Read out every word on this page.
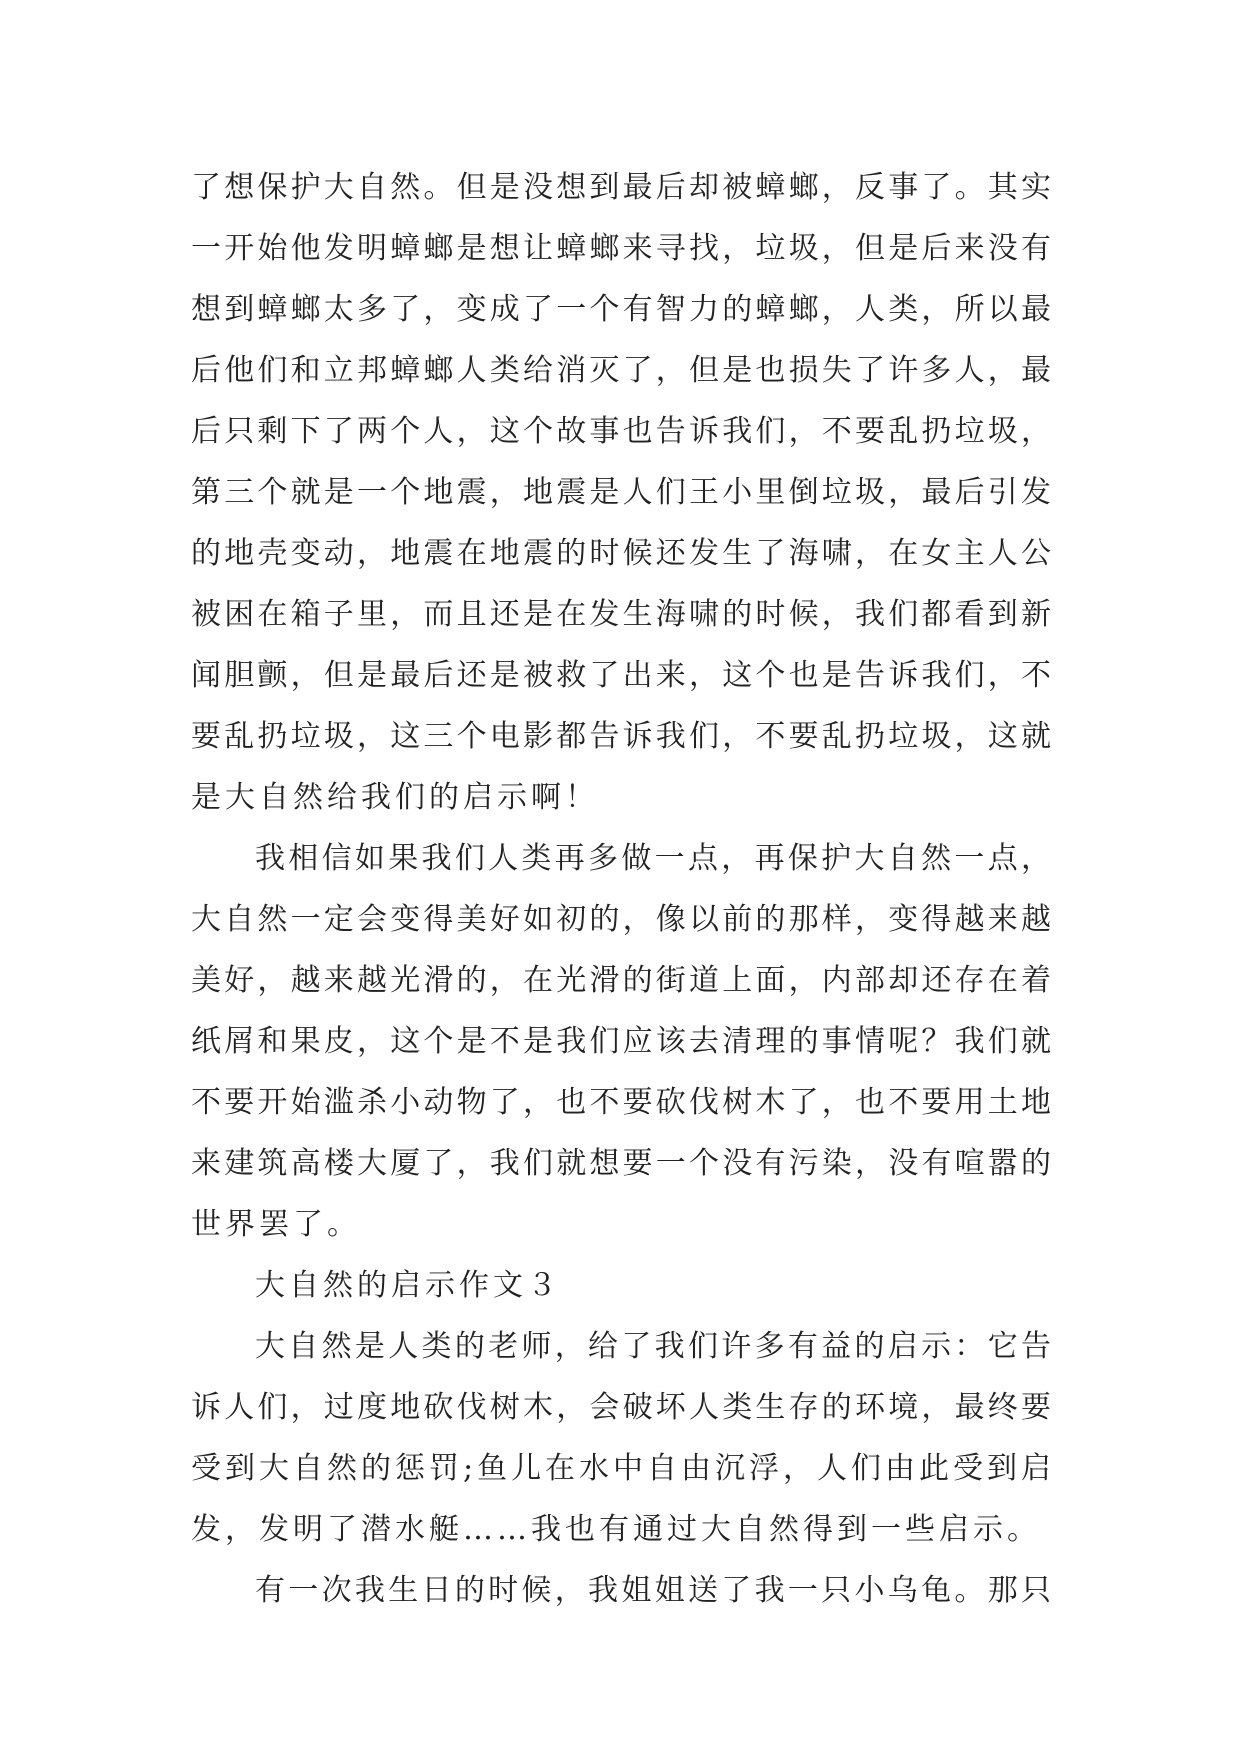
了想保护大自然。但是没想到最后却被蟑螂，反事了。其实
一开始他发明蟑螂是想让蟑螂来寻找，垃圾，但是后来没有
想到蟑螂太多了，变成了一个有智力的蟑螂，人类，所以最
后他们和立邦蟑螂人类给消灭了，但是也损失了许多人，最
后只剩下了两个人，这个故事也告诉我们，不要乱扔垃圾，
第三个就是一个地震，地震是人们王小里倒垃圾，最后引发
的地壳变动，地震在地震的时候还发生了海啸，在女主人公
被困在箱子里，而且还是在发生海啸的时候，我们都看到新
闻胆颤，但是最后还是被救了出来，这个也是告诉我们，不
要乱扔垃圾，这三个电影都告诉我们，不要乱扔垃圾，这就
是大自然给我们的启示啊！
我相信如果我们人类再多做一点，再保护大自然一点，
大自然一定会变得美好如初的，像以前的那样，变得越来越
美好，越来越光滑的，在光滑的街道上面，内部却还存在着
纸屑和果皮，这个是不是我们应该去清理的事情呢？我们就
不要开始滥杀小动物了，也不要砍伐树木了，也不要用土地
来建筑高楼大厦了，我们就想要一个没有污染，没有喧嚣的
世界罢了。
大自然的启示作文３
大自然是人类的老师，给了我们许多有益的启示：它告
诉人们，过度地砍伐树木，会破坏人类生存的环境，最终要
受到大自然的惩罚;鱼儿在水中自由沉浮，人们由此受到启
发，发明了潜水艇……我也有通过大自然得到一些启示。
有一次我生日的时候，我姐姐送了我一只小乌龟。那只
